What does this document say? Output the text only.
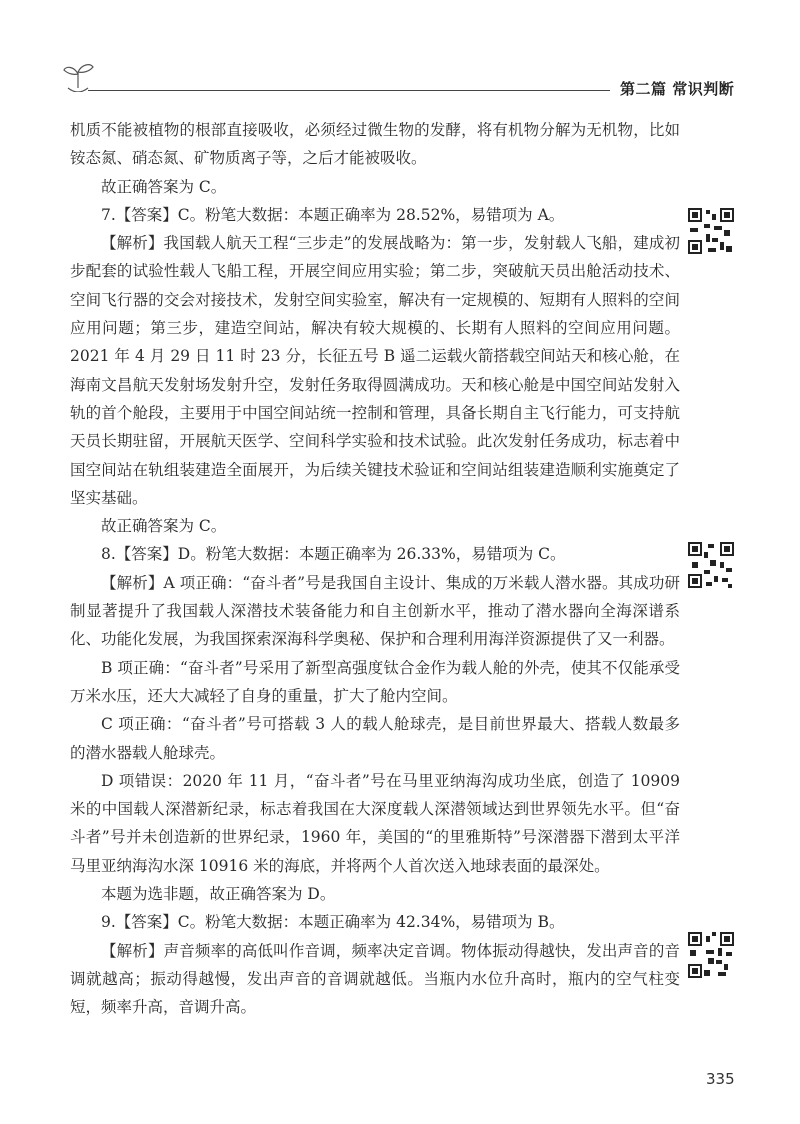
第二篇 常识判断

机质不能被植物的根部直接吸收，必须经过微生物的发酵，将有机物分解为无机物，比如铵态氮、硝态氮、矿物质离子等，之后才能被吸收。

故正确答案为 C。

7.【答案】C。粉笔大数据：本题正确率为 28.52%，易错项为 A。

【解析】我国载人航天工程“三步走”的发展战略为：第一步，发射载人飞船，建成初步配套的试验性载人飞船工程，开展空间应用实验；第二步，突破航天员出舱活动技术、空间飞行器的交会对接技术，发射空间实验室，解决有一定规模的、短期有人照料的空间应用问题；第三步，建造空间站，解决有较大规模的、长期有人照料的空间应用问题。2021 年 4 月 29 日 11 时 23 分，长征五号 B 遥二运载火箭搭载空间站天和核心舱，在海南文昌航天发射场发射升空，发射任务取得圆满成功。天和核心舱是中国空间站发射入轨的首个舱段，主要用于中国空间站统一控制和管理，具备长期自主飞行能力，可支持航天员长期驻留，开展航天医学、空间科学实验和技术试验。此次发射任务成功，标志着中国空间站在轨组装建造全面展开，为后续关键技术验证和空间站组装建造顺利实施奠定了坚实基础。

故正确答案为 C。

8.【答案】D。粉笔大数据：本题正确率为 26.33%，易错项为 C。

【解析】A 项正确：“奋斗者”号是我国自主设计、集成的万米载人潜水器。其成功研制显著提升了我国载人深潜技术装备能力和自主创新水平，推动了潜水器向全海深谱系化、功能化发展，为我国探索深海科学奥秘、保护和合理利用海洋资源提供了又一利器。

B 项正确：“奋斗者”号采用了新型高强度钛合金作为载人舱的外壳，使其不仅能承受万米水压，还大大减轻了自身的重量，扩大了舱内空间。

C 项正确：“奋斗者”号可搭载 3 人的载人舱球壳，是目前世界最大、搭载人数最多的潜水器载人舱球壳。

D 项错误：2020 年 11 月，“奋斗者”号在马里亚纳海沟成功坐底，创造了 10909 米的中国载人深潜新纪录，标志着我国在大深度载人深潜领域达到世界领先水平。但“奋斗者”号并未创造新的世界纪录，1960 年，美国的“的里雅斯特”号深潜器下潜到太平洋马里亚纳海沟水深 10916 米的海底，并将两个人首次送入地球表面的最深处。

本题为选非题，故正确答案为 D。

9.【答案】C。粉笔大数据：本题正确率为 42.34%，易错项为 B。

【解析】声音频率的高低叫作音调，频率决定音调。物体振动得越快，发出声音的音调就越高；振动得越慢，发出声音的音调就越低。当瓶内水位升高时，瓶内的空气柱变短，频率升高，音调升高。

335
